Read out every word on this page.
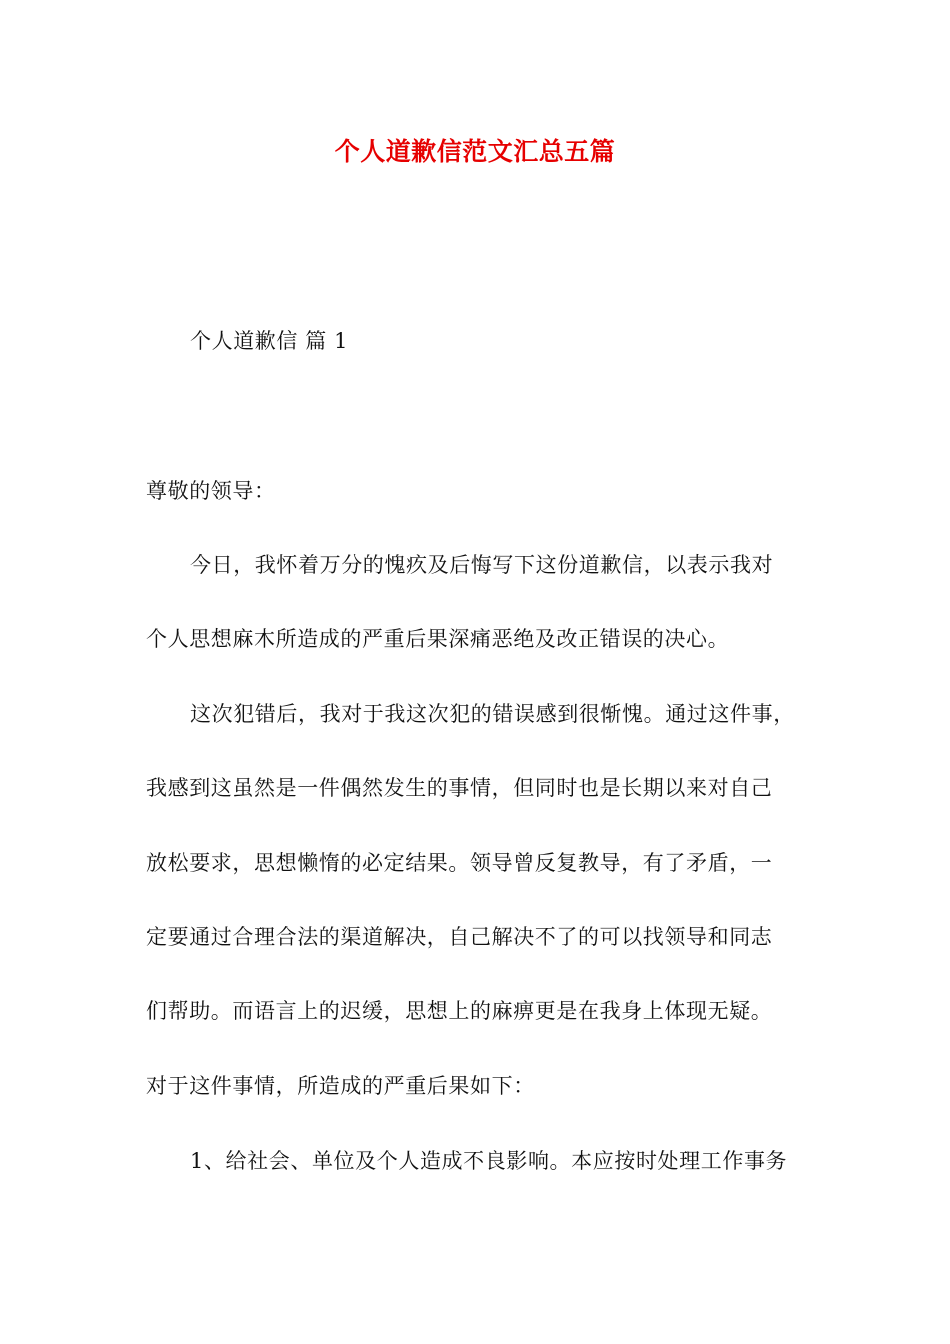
个人道歉信范文汇总五篇
个人道歉信 篇 1
尊敬的领导：
今日，我怀着万分的愧疚及后悔写下这份道歉信，以表示我对
个人思想麻木所造成的严重后果深痛恶绝及改正错误的决心。
这次犯错后，我对于我这次犯的错误感到很惭愧。通过这件事，
我感到这虽然是一件偶然发生的事情，但同时也是长期以来对自己
放松要求，思想懒惰的必定结果。领导曾反复教导，有了矛盾，一
定要通过合理合法的渠道解决，自己解决不了的可以找领导和同志
们帮助。而语言上的迟缓，思想上的麻痹更是在我身上体现无疑。
对于这件事情，所造成的严重后果如下：
1、给社会、单位及个人造成不良影响。本应按时处理工作事务
